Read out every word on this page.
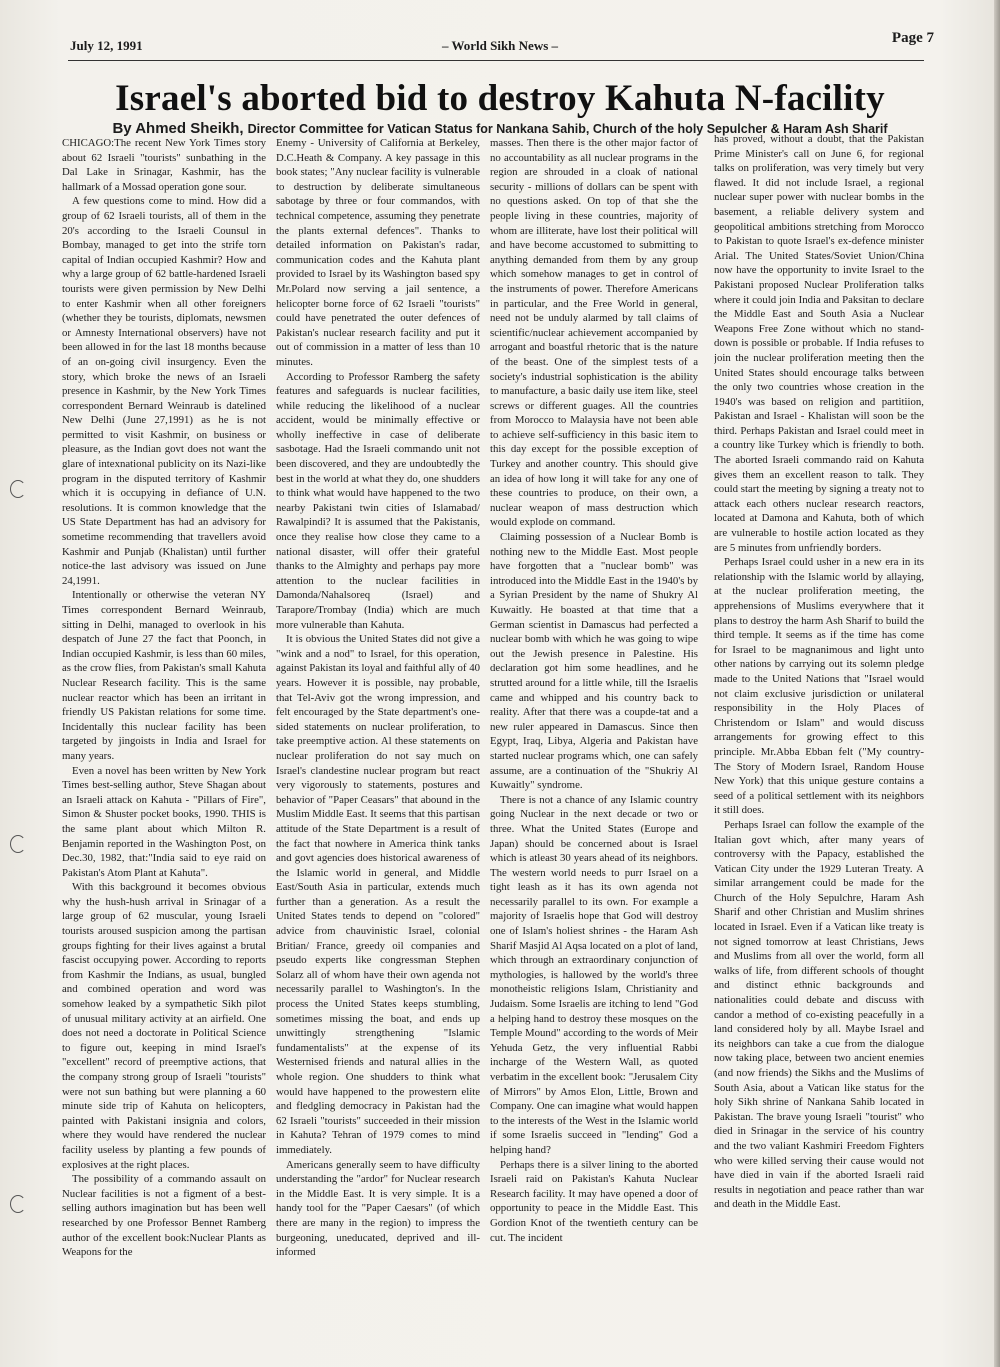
July 12, 1991	– World Sikh News –	Page 7
Israel's aborted bid to destroy Kahuta N-facility
By Ahmed Sheikh, Director Committee for Vatican Status for Nankana Sahib, Church of the holy Sepulcher & Haram Ash Sharif

CHICAGO:The recent New York Times story about 62 Israeli "tourists" sunbathing in the Dal Lake in Srinagar, Kashmir, has the hallmark of a Mossad operation gone sour.

A few questions come to mind. How did a group of 62 Israeli tourists, all of them in the 20's according to the Israeli Counsul in Bombay, managed to get into the strife torn capital of Indian occupied Kashmir? How and why a large group of 62 battle-hardened Israeli tourists were given permission by New Delhi to enter Kashmir when all other foreigners (whether they be tourists, diplomats, newsmen or Amnesty International observers) have not been allowed in for the last 18 months because of an on-going civil insurgency. Even the story, which broke the news of an Israeli presence in Kashmir, by the New York Times correspondent Bernard Weinraub is datelined New Delhi (June 27,1991) as he is not permitted to visit Kashmir, on business or pleasure, as the Indian govt does not want the glare of intexnational publicity on its Nazi-like program in the disputed territory of Kashmir which it is occupying in defiance of U.N. resolutions. It is common knowledge that the US State Department has had an advisory for sometime recommending that travellers avoid Kashmir and Punjab (Khalistan) until further notice-the last advisory was issued on June 24,1991.

Intentionally or otherwise the veteran NY Times correspondent Bernard Weinraub, sitting in Delhi, managed to overlook in his despatch of June 27 the fact that Poonch, in Indian occupied Kashmir, is less than 60 miles, as the crow flies, from Pakistan's small Kahuta Nuclear Research facility. This is the same nuclear reactor which has been an irritant in friendly US Pakistan relations for some time. Incidentally this nuclear facility has been targeted by jingoists in India and Israel for many years.

Even a novel has been written by New York Times best-selling author, Steve Shagan about an Israeli attack on Kahuta - "Pillars of Fire", Simon & Shuster pocket books, 1990. THIS is the same plant about which Milton R. Benjamin reported in the Washington Post, on Dec.30, 1982, that:"India said to eye raid on Pakistan's Atom Plant at Kahuta".

With this background it becomes obvious why the hush-hush arrival in Srinagar of a large group of 62 muscular, young Israeli tourists aroused suspicion among the partisan groups fighting for their lives against a brutal fascist occupying power. According to reports from Kashmir the Indians, as usual, bungled and combined operation and word was somehow leaked by a sympathetic Sikh pilot of unusual military activity at an airfield. One does not need a doctorate in Political Science to figure out, keeping in mind Israel's "excellent" record of preemptive actions, that the company strong group of Israeli "tourists" were not sun bathing but were planning a 60 minute side trip of Kahuta on helicopters, painted with Pakistani insignia and colors, where they would have rendered the nuclear facility useless by planting a few pounds of explosives at the right places.

The possibility of a commando assault on Nuclear facilities is not a figment of a best-selling authors imagination but has been well researched by one Professor Bennet Ramberg author of the excellent book:Nuclear Plants as Weapons for the

Enemy - University of California at Berkeley, D.C.Heath & Company. A key passage in this book states; "Any nuclear facility is vulnerable to destruction by deliberate simultaneous sabotage by three or four commandos, with technical competence, assuming they penetrate the plants external defences". Thanks to detailed information on Pakistan's radar, communication codes and the Kahuta plant provided to Israel by its Washington based spy Mr.Polard now serving a jail sentence, a helicopter borne force of 62 Israeli "tourists" could have penetrated the outer defences of Pakistan's nuclear research facility and put it out of commission in a matter of less than 10 minutes.

According to Professor Ramberg the safety features and safeguards is nuclear facilities, while reducing the likelihood of a nuclear accident, would be minimally effective or wholly ineffective in case of deliberate sasbotage. Had the Israeli commando unit not been discovered, and they are undoubtedly the best in the world at what they do, one shudders to think what would have happened to the two nearby Pakistani twin cities of Islamabad/ Rawalpindi? It is assumed that the Pakistanis, once they realise how close they came to a national disaster, will offer their grateful thanks to the Almighty and perhaps pay more attention to the nuclear facilities in Damonda/Nahalsoreq (Israel) and Tarapore/Trombay (India) which are much more vulnerable than Kahuta.

It is obvious the United States did not give a "wink and a nod" to Israel, for this operation, against Pakistan its loyal and faithful ally of 40 years. However it is possible, nay probable, that Tel-Aviv got the wrong impression, and felt encouraged by the State department's one-sided statements on nuclear proliferation, to take preemptive action. Al these statements on nuclear proliferation do not say much on Israel's clandestine nuclear program but react very vigorously to statements, postures and behavior of "Paper Ceasars" that abound in the Muslim Middle East. It seems that this partisan attitude of the State Department is a result of the fact that nowhere in America think tanks and govt agencies does historical awareness of the Islamic world in general, and Middle East/South Asia in particular, extends much further than a generation. As a result the United States tends to depend on "colored" advice from chauvinistic Israel, colonial Britian/ France, greedy oil companies and pseudo experts like congressman Stephen Solarz all of whom have their own agenda not necessarily parallel to Washington's. In the process the United States keeps stumbling, sometimes missing the boat, and ends up unwittingly strengthening "Islamic fundamentalists" at the expense of its Westernised friends and natural allies in the whole region. One shudders to think what would have happened to the prowestern elite and fledgling democracy in Pakistan had the 62 Israeli "tourists" succeeded in their mission in Kahuta? Tehran of 1979 comes to mind immediately.

Americans generally seem to have difficulty understanding the "ardor" for Nuclear research in the Middle East. It is very simple. It is a handy tool for the "Paper Caesars" (of which there are many in the region) to impress the burgeoning, uneducated, deprived and ill-informed

masses. Then there is the other major factor of no accountability as all nuclear programs in the region are shrouded in a cloak of national security - millions of dollars can be spent with no questions asked. On top of that she the people living in these countries, majority of whom are illiterate, have lost their political will and have become accustomed to submitting to anything demanded from them by any group which somehow manages to get in control of the instruments of power. Therefore Americans in particular, and the Free World in general, need not be unduly alarmed by tall claims of scientific/nuclear achievement accompanied by arrogant and boastful rhetoric that is the nature of the beast. One of the simplest tests of a society's industrial sophistication is the ability to manufacture, a basic daily use item like, steel screws or different guages. All the countries from Morocco to Malaysia have not been able to achieve self-sufficiency in this basic item to this day except for the possible exception of Turkey and another country. This should give an idea of how long it will take for any one of these countries to produce, on their own, a nuclear weapon of mass destruction which would explode on command.

Claiming possession of a Nuclear Bomb is nothing new to the Middle East. Most people have forgotten that a "nuclear bomb" was introduced into the Middle East in the 1940's by a Syrian President by the name of Shukry Al Kuwaitly. He boasted at that time that a German scientist in Damascus had perfected a nuclear bomb with which he was going to wipe out the Jewish presence in Palestine. His declaration got him some headlines, and he strutted around for a little while, till the Israelis came and whipped and his country back to reality. After that there was a coupde-tat and a new ruler appeared in Damascus. Since then Egypt, Iraq, Libya, Algeria and Pakistan have started nuclear programs which, one can safely assume, are a continuation of the "Shukriy Al Kuwaitly" syndrome.

There is not a chance of any Islamic country going Nuclear in the next decade or two or three. What the United States (Europe and Japan) should be concerned about is Israel which is atleast 30 years ahead of its neighbors. The western world needs to purr Israel on a tight leash as it has its own agenda not necessarily parallel to its own. For example a majority of Israelis hope that God will destroy one of Islam's holiest shrines - the Haram Ash Sharif Masjid Al Aqsa located on a plot of land, which through an extraordinary conjunction of mythologies, is hallowed by the world's three monotheistic religions Islam, Christianity and Judaism. Some Israelis are itching to lend "God a helping hand to destroy these mosques on the Temple Mound" according to the words of Meir Yehuda Getz, the very influential Rabbi incharge of the Western Wall, as quoted verbatim in the excellent book: "Jerusalem City of Mirrors" by Amos Elon, Little, Brown and Company. One can imagine what would happen to the interests of the West in the Islamic world if some Israelis succeed in "lending" God a helping hand?

Perhaps there is a silver lining to the aborted Israeli raid on Pakistan's Kahuta Nuclear Research facility. It may have opened a door of opportunity to peace in the Middle East. This Gordion Knot of the twentieth century can be cut. The incident

has proved, without a doubt, that the Pakistan Prime Minister's call on June 6, for regional talks on proliferation, was very timely but very flawed. It did not include Israel, a regional nuclear super power with nuclear bombs in the basement, a reliable delivery system and geopolitical ambitions stretching from Morocco to Pakistan to quote Israel's ex-defence minister Arial. The United States/Soviet Union/China now have the opportunity to invite Israel to the Pakistani proposed Nuclear Proliferation talks where it could join India and Paksitan to declare the Middle East and South Asia a Nuclear Weapons Free Zone without which no stand-down is possible or probable. If India refuses to join the nuclear proliferation meeting then the United States should encourage talks between the only two countries whose creation in the 1940's was based on religion and partitiion, Pakistan and Israel - Khalistan will soon be the third. Perhaps Pakistan and Israel could meet in a country like Turkey which is friendly to both. The aborted Israeli commando raid on Kahuta gives them an excellent reason to talk. They could start the meeting by signing a treaty not to attack each others nuclear research reactors, located at Damona and Kahuta, both of which are vulnerable to hostile action located as they are 5 minutes from unfriendly borders.

Perhaps Israel could usher in a new era in its relationship with the Islamic world by allaying, at the nuclear proliferation meeting, the apprehensions of Muslims everywhere that it plans to destroy the harm Ash Sharif to build the third temple. It seems as if the time has come for Israel to be magnanimous and light unto other nations by carrying out its solemn pledge made to the United Nations that "Israel would not claim exclusive jurisdiction or unilateral responsibility in the Holy Places of Christendom or Islam" and would discuss arrangements for growing effect to this principle. Mr.Abba Ebban felt ("My country-The Story of Modern Israel, Random House New York) that this unique gesture contains a seed of a political settlement with its neighbors it still does.

Perhaps Israel can follow the example of the Italian govt which, after many years of controversy with the Papacy, established the Vatican City under the 1929 Luteran Treaty. A similar arrangement could be made for the Church of the Holy Sepulchre, Haram Ash Sharif and other Christian and Muslim shrines located in Israel. Even if a Vatican like treaty is not signed tomorrow at least Christians, Jews and Muslims from all over the world, form all walks of life, from different schools of thought and distinct ethnic backgrounds and nationalities could debate and discuss with candor a method of co-existing peacefully in a land considered holy by all. Maybe Israel and its neighbors can take a cue from the dialogue now taking place, between two ancient enemies (and now friends) the Sikhs and the Muslims of South Asia, about a Vatican like status for the holy Sikh shrine of Nankana Sahib located in Pakistan. The brave young Israeli "tourist" who died in Srinagar in the service of his country and the two valiant Kashmiri Freedom Fighters who were killed serving their cause would not have died in vain if the aborted Israeli raid results in negotiation and peace rather than war and death in the Middle East.
